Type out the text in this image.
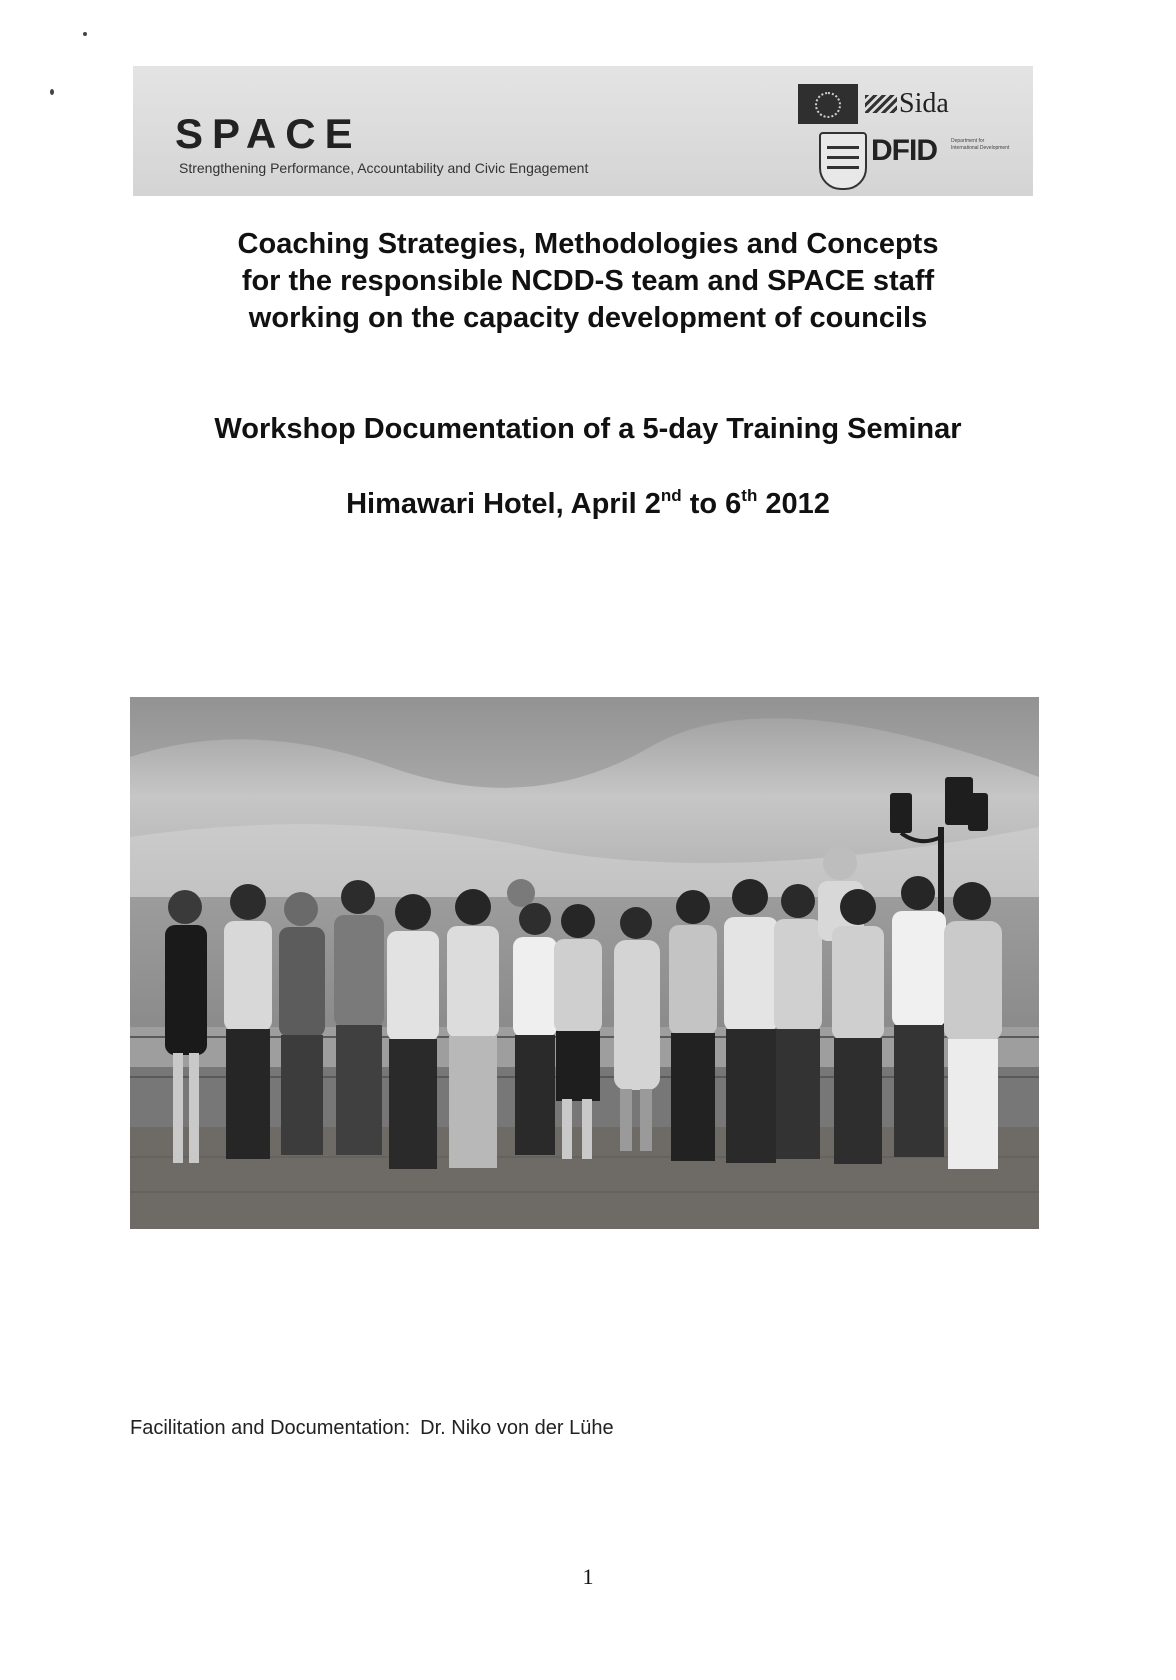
SPACE
Strengthening Performance, Accountability and Civic Engagement
Sida
DFID	Department for International Development
Coaching Strategies, Methodologies and Concepts
for the responsible NCDD-S team and SPACE staff
working on the capacity development of councils
Workshop Documentation of a 5-day Training Seminar
Himawari Hotel, April 2nd to 6th 2012
Facilitation and Documentation: Dr. Niko von der Lühe
1
